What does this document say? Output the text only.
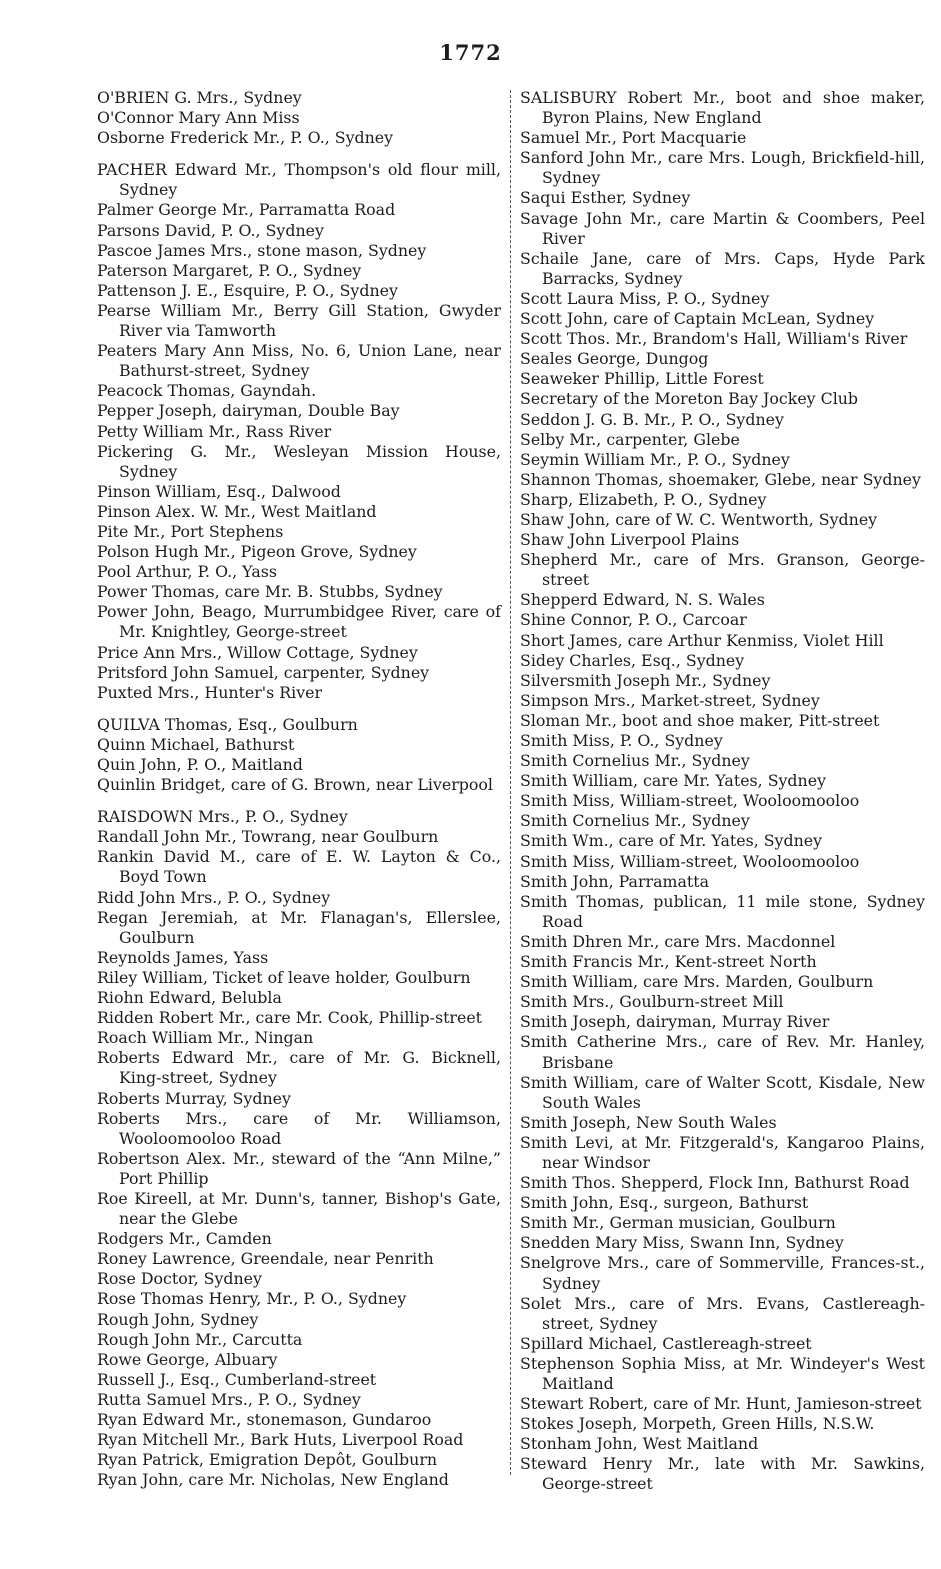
1772
O'BRIEN G. Mrs., Sydney
O'Connor Mary Ann Miss
Osborne Frederick Mr., P. O., Sydney
PACHER Edward Mr., Thompson's old flour mill, Sydney
Palmer George Mr., Parramatta Road
Parsons David, P. O., Sydney
Pascoe James Mrs., stone mason, Sydney
Paterson Margaret, P. O., Sydney
Pattenson J. E., Esquire, P. O., Sydney
Pearse William Mr., Berry Gill Station, Gwyder River via Tamworth
Peaters Mary Ann Miss, No. 6, Union Lane, near Bathurst-street, Sydney
Peacock Thomas, Gayndah.
Pepper Joseph, dairyman, Double Bay
Petty William Mr., Rass River
Pickering G. Mr., Wesleyan Mission House, Sydney
Pinson William, Esq., Dalwood
Pinson Alex. W. Mr., West Maitland
Pite Mr., Port Stephens
Polson Hugh Mr., Pigeon Grove, Sydney
Pool Arthur, P. O., Yass
Power Thomas, care Mr. B. Stubbs, Sydney
Power John, Beago, Murrumbidgee River, care of Mr. Knightley, George-street
Price Ann Mrs., Willow Cottage, Sydney
Pritsford John Samuel, carpenter, Sydney
Puxted Mrs., Hunter's River
QUILVA Thomas, Esq., Goulburn
Quinn Michael, Bathurst
Quin John, P. O., Maitland
Quinlin Bridget, care of G. Brown, near Liverpool
RAISDOWN Mrs., P. O., Sydney
Randall John Mr., Towrang, near Goulburn
Rankin David M., care of E. W. Layton & Co., Boyd Town
Ridd John Mrs., P. O., Sydney
Regan Jeremiah, at Mr. Flanagan's, Ellerslee, Goulburn
Reynolds James, Yass
Riley William, Ticket of leave holder, Goulburn
Riohn Edward, Belubla
Ridden Robert Mr., care Mr. Cook, Phillip-street
Roach William Mr., Ningan
Roberts Edward Mr., care of Mr. G. Bicknell, King-street, Sydney
Roberts Murray, Sydney
Roberts Mrs., care of Mr. Williamson, Wooloomooloo Road
Robertson Alex. Mr., steward of the “Ann Milne,” Port Phillip
Roe Kireell, at Mr. Dunn's, tanner, Bishop's Gate, near the Glebe
Rodgers Mr., Camden
Roney Lawrence, Greendale, near Penrith
Rose Doctor, Sydney
Rose Thomas Henry, Mr., P. O., Sydney
Rough John, Sydney
Rough John Mr., Carcutta
Rowe George, Albuary
Russell J., Esq., Cumberland-street
Rutta Samuel Mrs., P. O., Sydney
Ryan Edward Mr., stonemason, Gundaroo
Ryan Mitchell Mr., Bark Huts, Liverpool Road
Ryan Patrick, Emigration Depôt, Goulburn
Ryan John, care Mr. Nicholas, New England
SALISBURY Robert Mr., boot and shoe maker, Byron Plains, New England
Samuel Mr., Port Macquarie
Sanford John Mr., care Mrs. Lough, Brickfield-hill, Sydney
Saqui Esther, Sydney
Savage John Mr., care Martin & Coombers, Peel River
Schaile Jane, care of Mrs. Caps, Hyde Park Barracks, Sydney
Scott Laura Miss, P. O., Sydney
Scott John, care of Captain McLean, Sydney
Scott Thos. Mr., Brandom's Hall, William's River
Seales George, Dungog
Seaweker Phillip, Little Forest
Secretary of the Moreton Bay Jockey Club
Seddon J. G. B. Mr., P. O., Sydney
Selby Mr., carpenter, Glebe
Seymin William Mr., P. O., Sydney
Shannon Thomas, shoemaker, Glebe, near Sydney
Sharp, Elizabeth, P. O., Sydney
Shaw John, care of W. C. Wentworth, Sydney
Shaw John Liverpool Plains
Shepherd Mr., care of Mrs. Granson, George-street
Shepperd Edward, N. S. Wales
Shine Connor, P. O., Carcoar
Short James, care Arthur Kenmiss, Violet Hill
Sidey Charles, Esq., Sydney
Silversmith Joseph Mr., Sydney
Simpson Mrs., Market-street, Sydney
Sloman Mr., boot and shoe maker, Pitt-street
Smith Miss, P. O., Sydney
Smith Cornelius Mr., Sydney
Smith William, care Mr. Yates, Sydney
Smith Miss, William-street, Wooloomooloo
Smith Cornelius Mr., Sydney
Smith Wm., care of Mr. Yates, Sydney
Smith Miss, William-street, Wooloomooloo
Smith John, Parramatta
Smith Thomas, publican, 11 mile stone, Sydney Road
Smith Dhren Mr., care Mrs. Macdonnel
Smith Francis Mr., Kent-street North
Smith William, care Mrs. Marden, Goulburn
Smith Mrs., Goulburn-street Mill
Smith Joseph, dairyman, Murray River
Smith Catherine Mrs., care of Rev. Mr. Hanley, Brisbane
Smith William, care of Walter Scott, Kisdale, New South Wales
Smith Joseph, New South Wales
Smith Levi, at Mr. Fitzgerald's, Kangaroo Plains, near Windsor
Smith Thos. Shepperd, Flock Inn, Bathurst Road
Smith John, Esq., surgeon, Bathurst
Smith Mr., German musician, Goulburn
Snedden Mary Miss, Swann Inn, Sydney
Snelgrove Mrs., care of Sommerville, Frances-st., Sydney
Solet Mrs., care of Mrs. Evans, Castlereagh-street, Sydney
Spillard Michael, Castlereagh-street
Stephenson Sophia Miss, at Mr. Windeyer's West Maitland
Stewart Robert, care of Mr. Hunt, Jamieson-street
Stokes Joseph, Morpeth, Green Hills, N.S.W.
Stonham John, West Maitland
Steward Henry Mr., late with Mr. Sawkins, George-street
